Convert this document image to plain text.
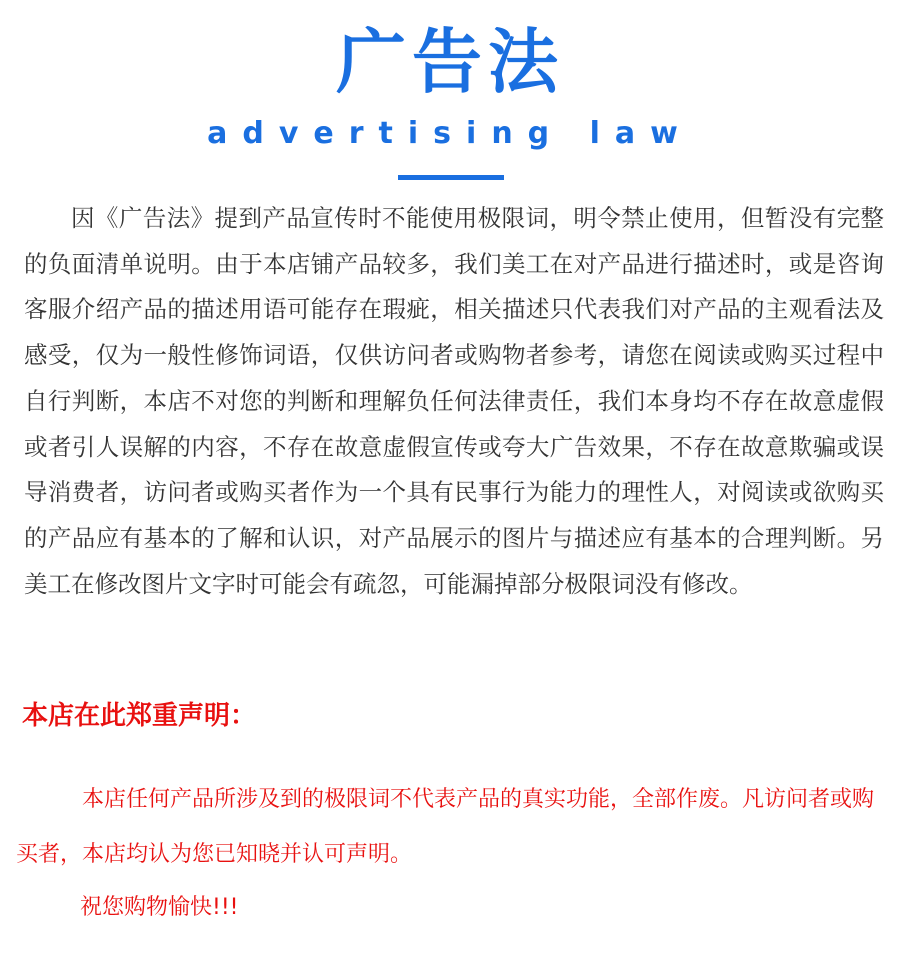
广告法
advertising law

因《广告法》提到产品宣传时不能使用极限词，明令禁止使用，但暂没有完整的负面清单说明。由于本店铺产品较多，我们美工在对产品进行描述时，或是咨询客服介绍产品的描述用语可能存在瑕疵，相关描述只代表我们对产品的主观看法及感受，仅为一般性修饰词语，仅供访问者或购物者参考，请您在阅读或购买过程中自行判断，本店不对您的判断和理解负任何法律责任，我们本身均不存在故意虚假或者引人误解的内容，不存在故意虚假宣传或夸大广告效果，不存在故意欺骗或误导消费者，访问者或购买者作为一个具有民事行为能力的理性人，对阅读或欲购买的产品应有基本的了解和认识，对产品展示的图片与描述应有基本的合理判断。另美工在修改图片文字时可能会有疏忽，可能漏掉部分极限词没有修改。

本店在此郑重声明：

本店任何产品所涉及到的极限词不代表产品的真实功能，全部作废。凡访问者或购买者，本店均认为您已知晓并认可声明。

祝您购物愉快!!!
